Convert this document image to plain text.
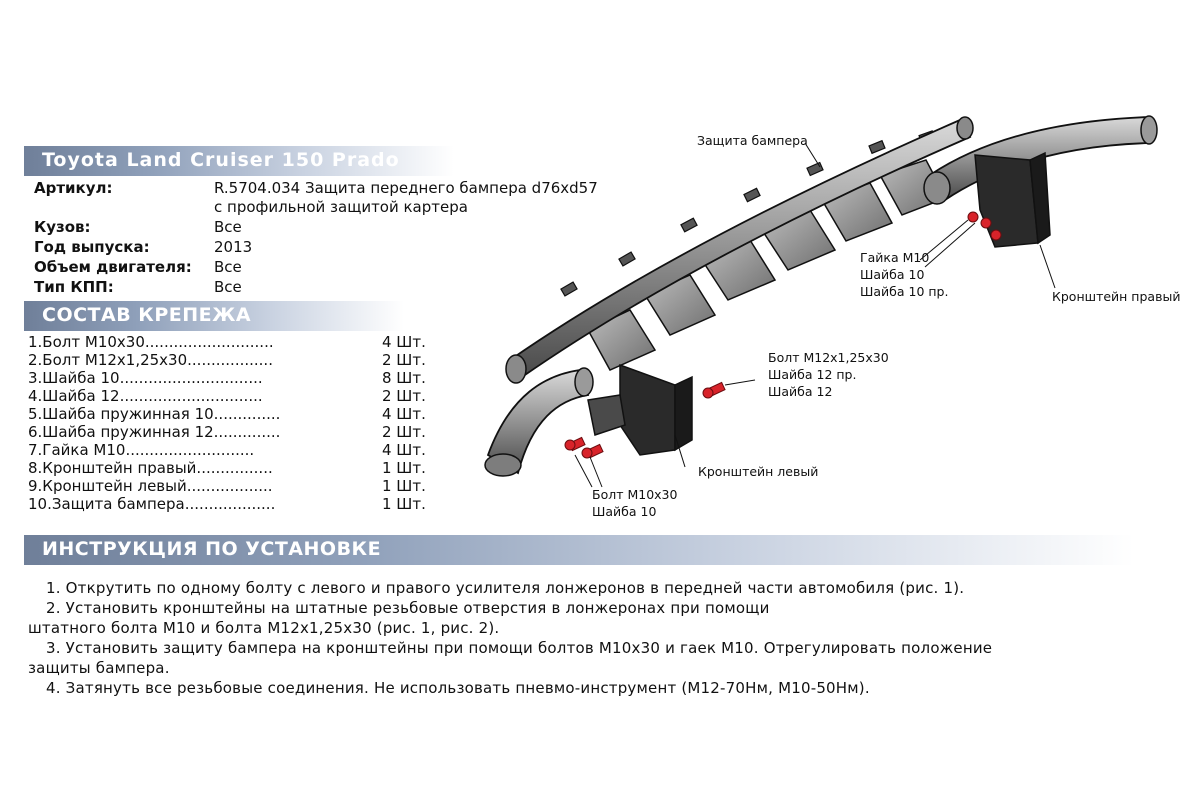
Toyota Land Cruiser 150 Prado
Артикул:	R.5704.034 Защита переднего бампера d76xd57
с профильной защитой картера
Кузов:	Все
Год выпуска:	2013
Объем двигателя: Все
Тип КПП:	Все
СОСТАВ КРЕПЕЖА
1.Болт М10х30...........................	4 Шт.
2.Болт М12х1,25х30..................	2 Шт.
3.Шайба 10..............................	8 Шт.
4.Шайба 12..............................	2 Шт.
5.Шайба пружинная 10..............	4 Шт.
6.Шайба пружинная 12..............	2 Шт.
7.Гайка М10...........................	4 Шт.
8.Кронштейн правый................	1 Шт.
9.Кронштейн левый..................	1 Шт.
10.Защита бампера...................	1 Шт.
Защита бампера
Гайка М10
Шайба 10
Шайба 10 пр.	Кронштейн правый
Болт М12х1,25х30
Шайба 12 пр.
Шайба 12
Кронштейн левый
Болт М10х30
Шайба 10
ИНСТРУКЦИЯ ПО УСТАНОВКЕ
1. Открутить по одному болту с левого и правого усилителя лонжеронов в передней части автомобиля (рис. 1).
2. Установить кронштейны на штатные резьбовые отверстия в лонжеронах при помощи
штатного болта М10 и болта М12х1,25х30 (рис. 1, рис. 2).
3. Установить защиту бампера на кронштейны при помощи болтов М10х30 и гаек М10. Отрегулировать положение
защиты бампера.
4. Затянуть все резьбовые соединения. Не использовать пневмо-инструмент (М12-70Нм, М10-50Нм).
